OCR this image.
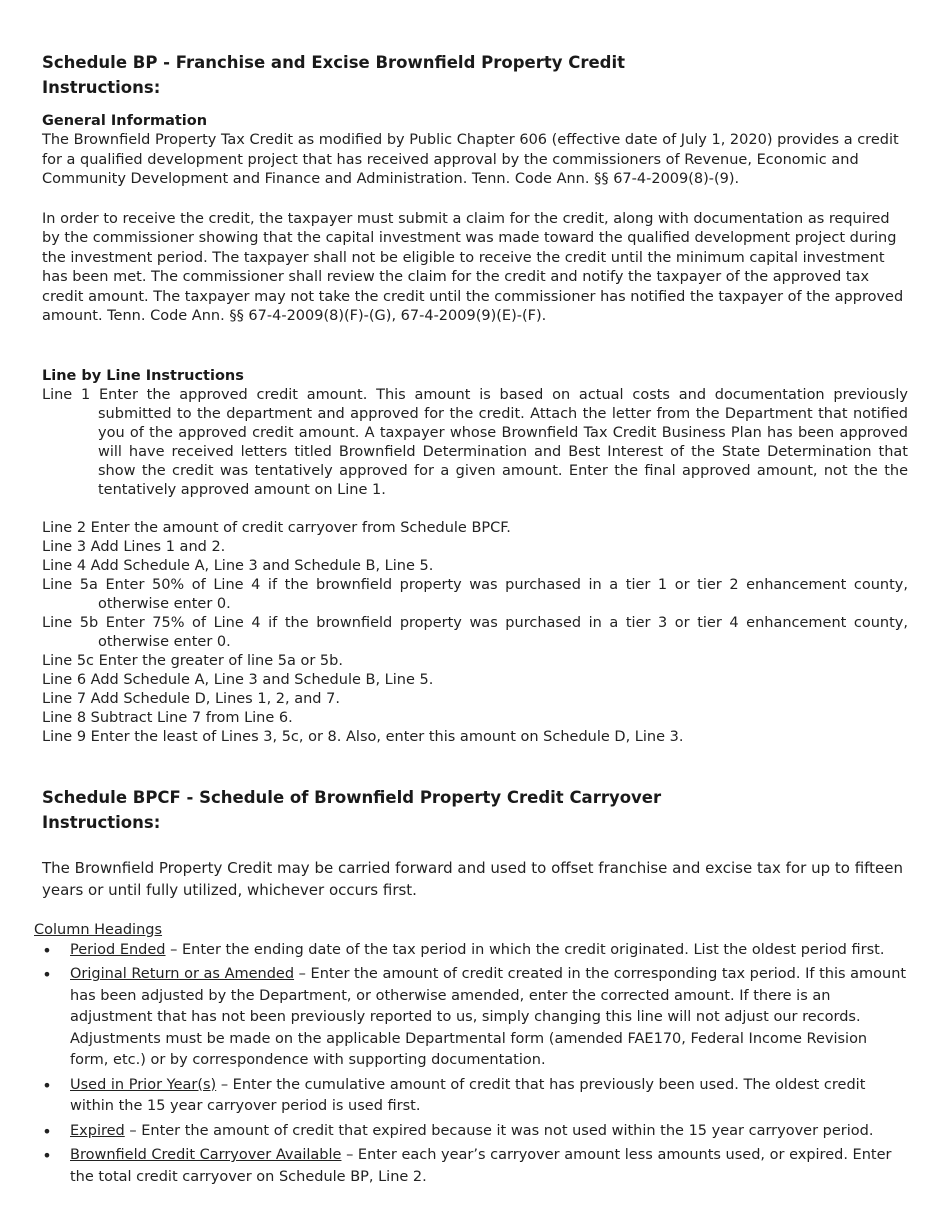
Schedule BP - Franchise and Excise Brownfield Property Credit
Instructions:
General Information

The Brownfield Property Tax Credit as modified by Public Chapter 606 (effective date of July 1, 2020) provides a credit for a qualified development project that has received approval by the commissioners of Revenue, Economic and Community Development and Finance and Administration. Tenn. Code Ann. §§ 67-4-2009(8)-(9).

In order to receive the credit, the taxpayer must submit a claim for the credit, along with documentation as required by the commissioner showing that the capital investment was made toward the qualified development project during the investment period. The taxpayer shall not be eligible to receive the credit until the minimum capital investment has been met. The commissioner shall review the claim for the credit and notify the taxpayer of the approved tax credit amount. The taxpayer may not take the credit until the commissioner has notified the taxpayer of the approved amount. Tenn. Code Ann. §§ 67-4-2009(8)(F)-(G), 67-4-2009(9)(E)-(F).

Line by Line Instructions
Line 1 Enter the approved credit amount. This amount is based on actual costs and documentation previously submitted to the department and approved for the credit. Attach the letter from the Department that notified you of the approved credit amount. A taxpayer whose Brownfield Tax Credit Business Plan has been approved will have received letters titled Brownfield Determination and Best Interest of the State Determination that show the credit was tentatively approved for a given amount. Enter the final approved amount, not the the tentatively approved amount on Line 1.
Line 2 Enter the amount of credit carryover from Schedule BPCF.
Line 3 Add Lines 1 and 2.
Line 4 Add Schedule A, Line 3 and Schedule B, Line 5.
Line 5a Enter 50% of Line 4 if the brownfield property was purchased in a tier 1 or tier 2 enhancement county, otherwise enter 0.
Line 5b Enter 75% of Line 4 if the brownfield property was purchased in a tier 3 or tier 4 enhancement county, otherwise enter 0.
Line 5c Enter the greater of line 5a or 5b.
Line 6 Add Schedule A, Line 3 and Schedule B, Line 5.
Line 7 Add Schedule D, Lines 1, 2, and 7.
Line 8 Subtract Line 7 from Line 6.
Line 9 Enter the least of Lines 3, 5c, or 8. Also, enter this amount on Schedule D, Line 3.
Schedule BPCF - Schedule of Brownfield Property Credit Carryover
Instructions:

The Brownfield Property Credit may be carried forward and used to offset franchise and excise tax for up to fifteen years or until fully utilized, whichever occurs first.

Column Headings
• Period Ended – Enter the ending date of the tax period in which the credit originated. List the oldest period first.
• Original Return or as Amended – Enter the amount of credit created in the corresponding tax period. If this amount has been adjusted by the Department, or otherwise amended, enter the corrected amount. If there is an adjustment that has not been previously reported to us, simply changing this line will not adjust our records. Adjustments must be made on the applicable Departmental form (amended FAE170, Federal Income Revision form, etc.) or by correspondence with supporting documentation.
• Used in Prior Year(s) – Enter the cumulative amount of credit that has previously been used. The oldest credit within the 15 year carryover period is used first.
• Expired – Enter the amount of credit that expired because it was not used within the 15 year carryover period.
• Brownfield Credit Carryover Available – Enter each year’s carryover amount less amounts used, or expired. Enter the total credit carryover on Schedule BP, Line 2.
